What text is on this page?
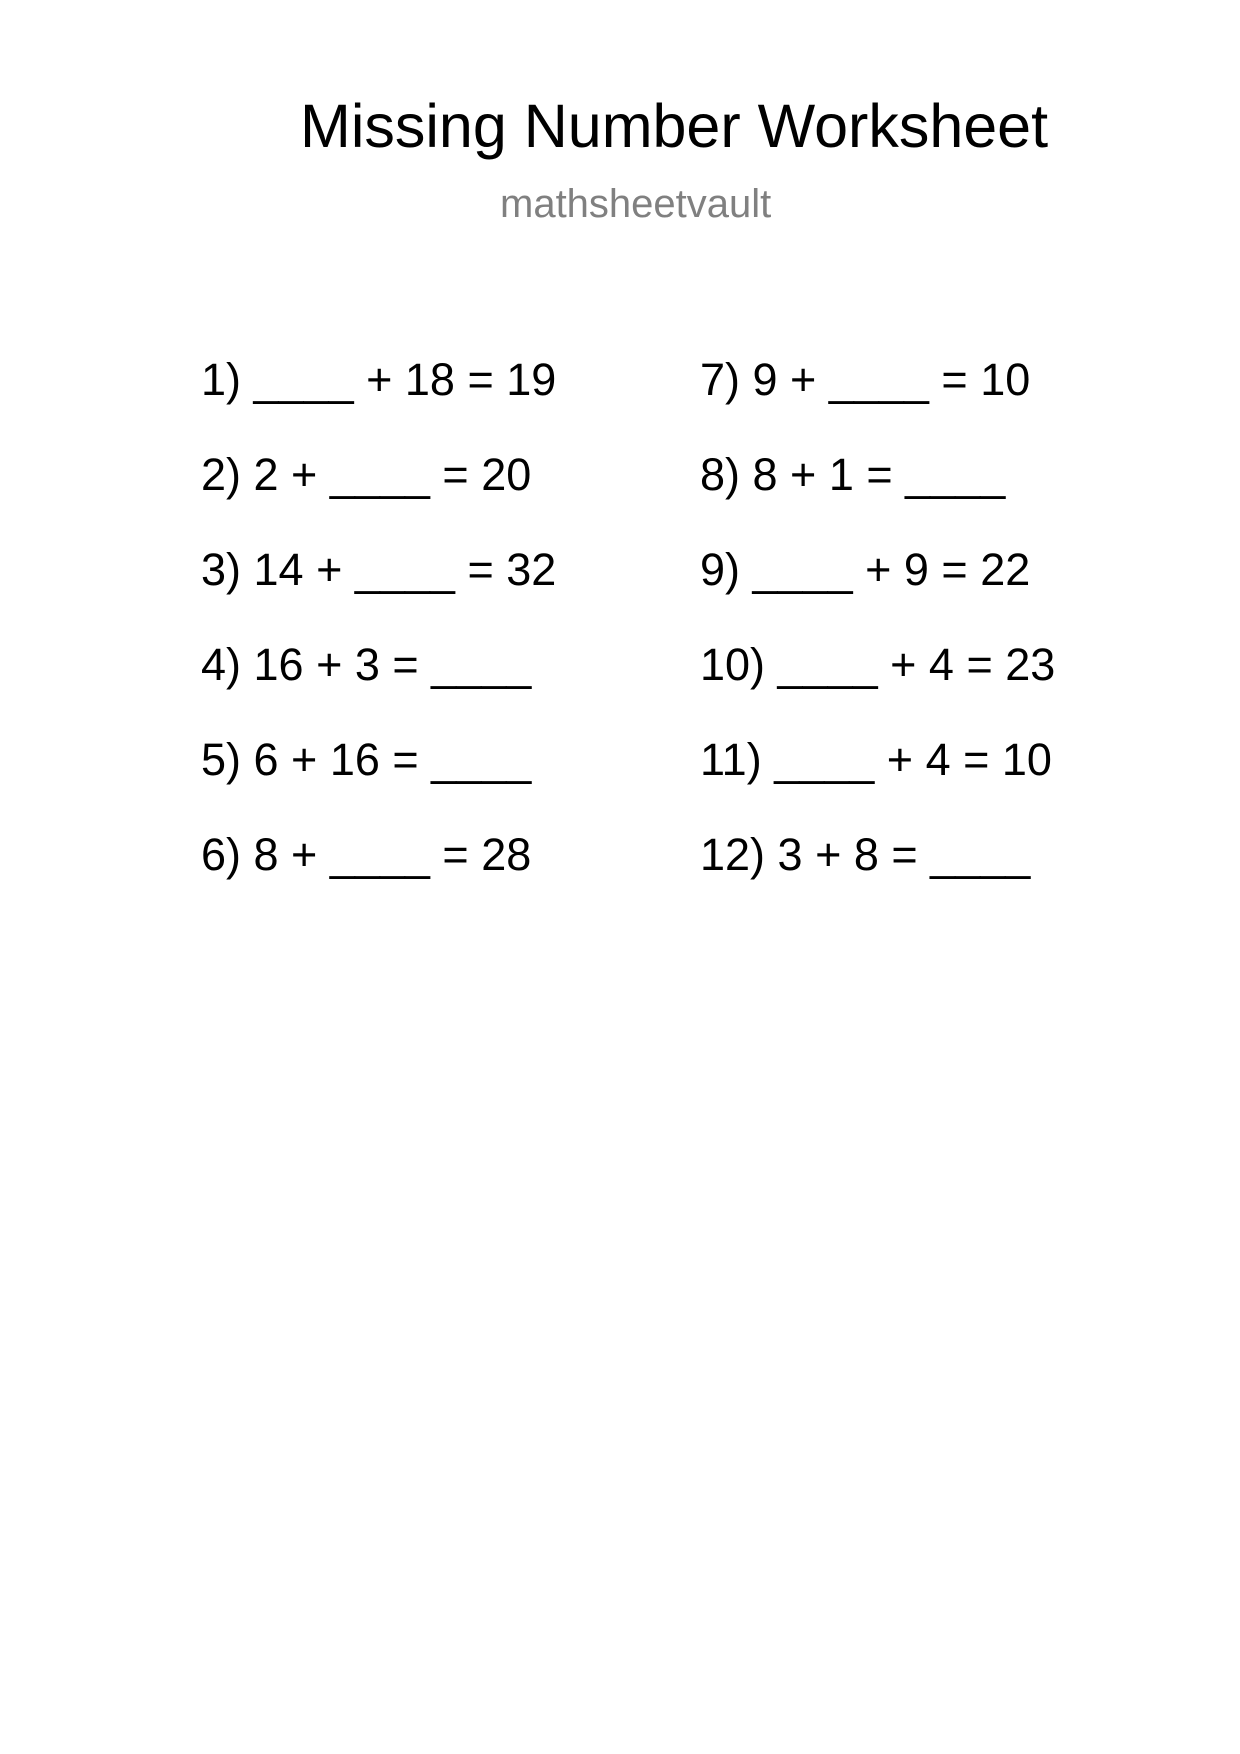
Missing Number Worksheet
mathsheetvault
1) ____ + 18 = 19
2) 2 + ____ = 20
3) 14 + ____ = 32
4) 16 + 3 = ____
5) 6 + 16 = ____
6) 8 + ____ = 28
7) 9 + ____ = 10
8) 8 + 1 = ____
9) ____ + 9 = 22
10) ____ + 4 = 23
11) ____ + 4 = 10
12) 3 + 8 = ____
